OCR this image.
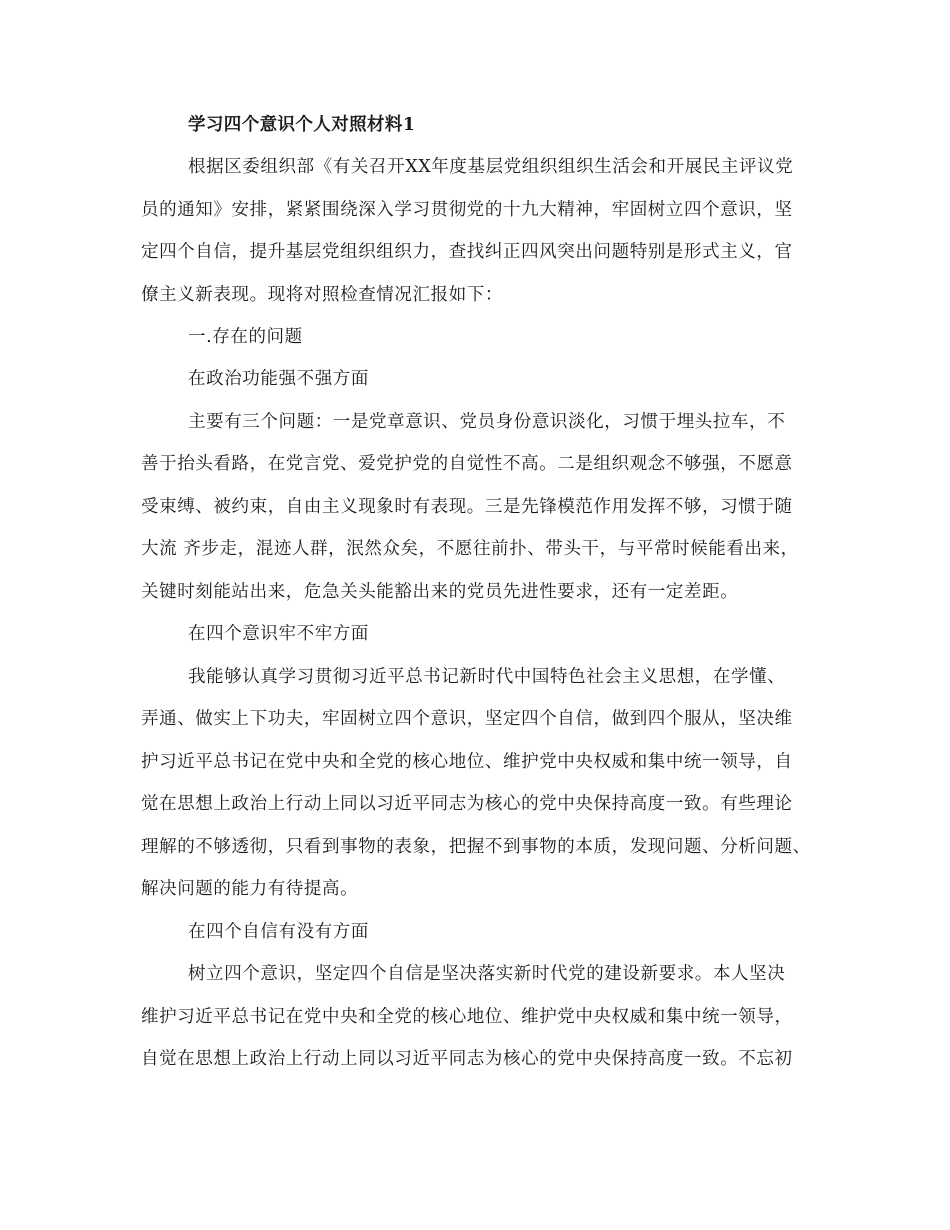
学习四个意识个人对照材料1
根据区委组织部《有关召开XX年度基层党组织组织生活会和开展民主评议党
员的通知》安排，紧紧围绕深入学习贯彻党的十九大精神，牢固树立四个意识，坚
定四个自信，提升基层党组织组织力，查找纠正四风突出问题特别是形式主义，官
僚主义新表现。现将对照检查情况汇报如下：
一.存在的问题
在政治功能强不强方面
主要有三个问题：一是党章意识、党员身份意识淡化，习惯于埋头拉车，不
善于抬头看路，在党言党、爱党护党的自觉性不高。二是组织观念不够强，不愿意
受束缚、被约束，自由主义现象时有表现。三是先锋模范作用发挥不够，习惯于随
大流 齐步走，混迹人群，泯然众矣，不愿往前扑、带头干，与平常时候能看出来，
关键时刻能站出来，危急关头能豁出来的党员先进性要求，还有一定差距。
在四个意识牢不牢方面
我能够认真学习贯彻习近平总书记新时代中国特色社会主义思想，在学懂、
弄通、做实上下功夫，牢固树立四个意识，坚定四个自信，做到四个服从，坚决维
护习近平总书记在党中央和全党的核心地位、维护党中央权威和集中统一领导，自
觉在思想上政治上行动上同以习近平同志为核心的党中央保持高度一致。有些理论
理解的不够透彻，只看到事物的表象，把握不到事物的本质，发现问题、分析问题、
解决问题的能力有待提高。
在四个自信有没有方面
树立四个意识，坚定四个自信是坚决落实新时代党的建设新要求。本人坚决
维护习近平总书记在党中央和全党的核心地位、维护党中央权威和集中统一领导，
自觉在思想上政治上行动上同以习近平同志为核心的党中央保持高度一致。不忘初
